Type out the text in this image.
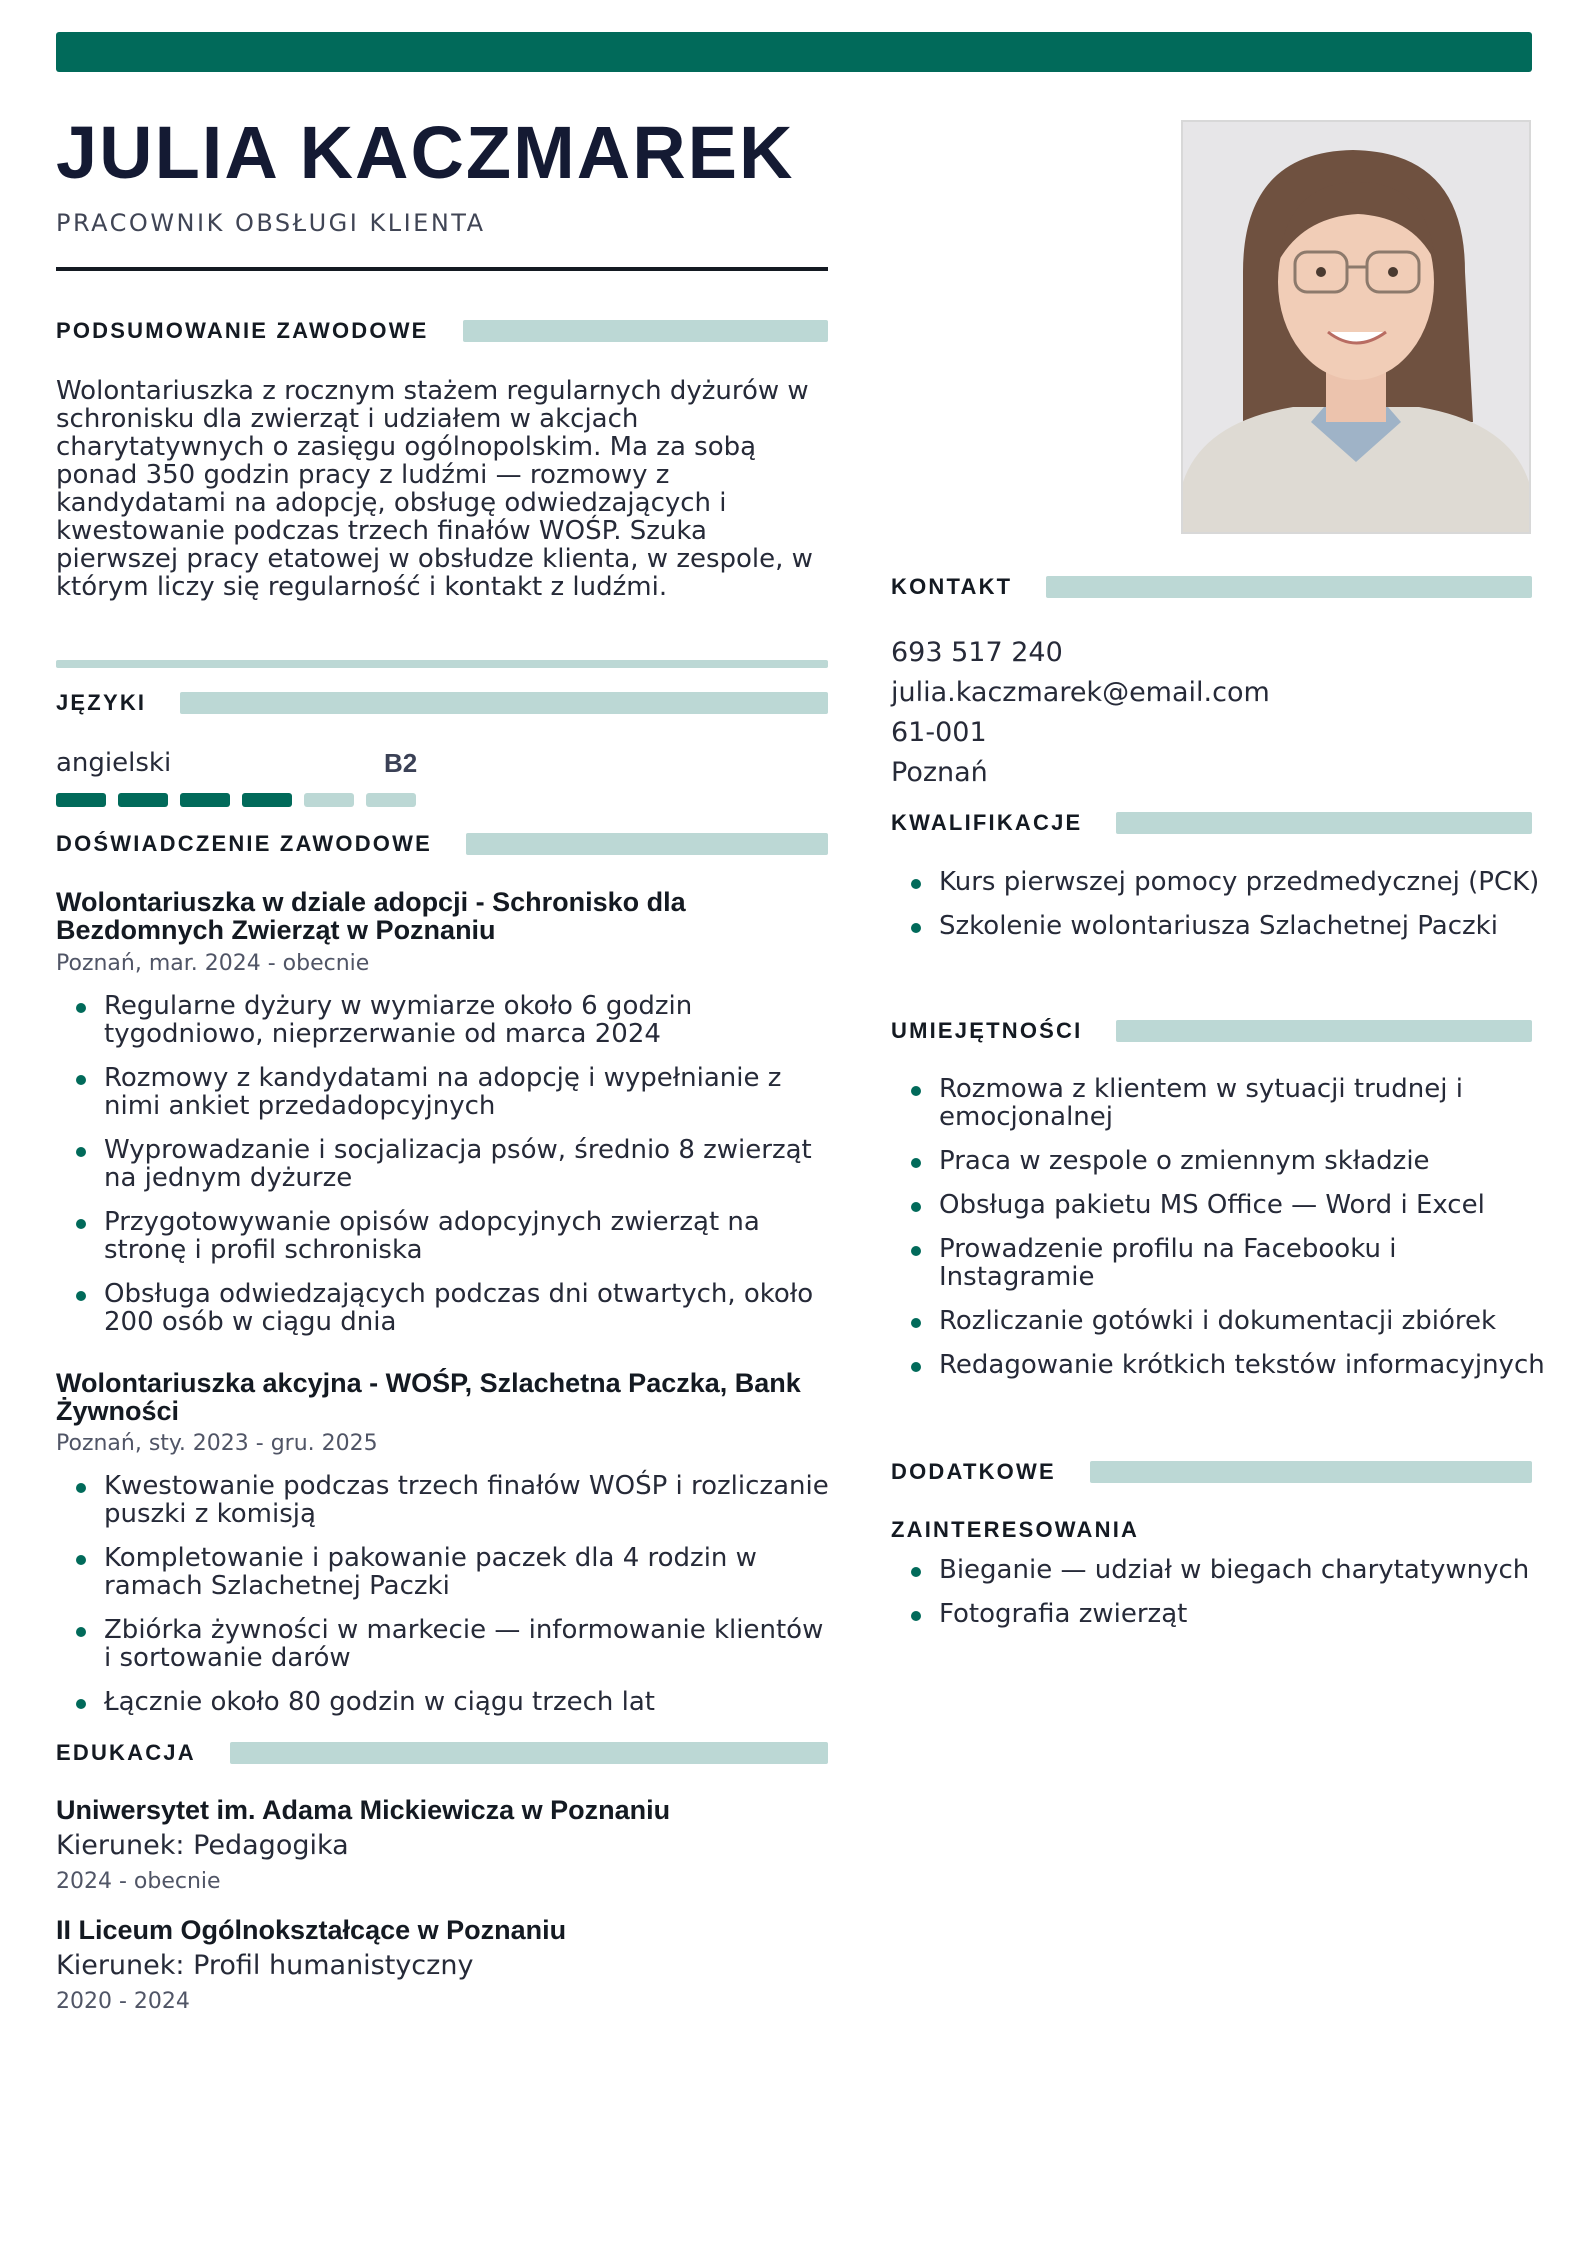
JULIA KACZMAREK
PRACOWNIK OBSŁUGI KLIENTA
PODSUMOWANIE ZAWODOWE

Wolontariuszka z rocznym stażem regularnych dyżurów w schronisku dla zwierząt i udziałem w akcjach charytatywnych o zasięgu ogólnopolskim. Ma za sobą ponad 350 godzin pracy z ludźmi — rozmowy z kandydatami na adopcję, obsługę odwiedzających i kwestowanie podczas trzech finałów WOŚP. Szuka pierwszej pracy etatowej w obsłudze klienta, w zespole, w którym liczy się regularność i kontakt z ludźmi.

JĘZYKI
angielski	B2
DOŚWIADCZENIE ZAWODOWE

Wolontariuszka w dziale adopcji - Schronisko dla Bezdomnych Zwierząt w Poznaniu

Poznań, mar. 2024 - obecnie
Regularne dyżury w wymiarze około 6 godzin tygodniowo, nieprzerwanie od marca 2024
Rozmowy z kandydatami na adopcję i wypełnianie z nimi ankiet przedadopcyjnych
Wyprowadzanie i socjalizacja psów, średnio 8 zwierząt na jednym dyżurze
Przygotowywanie opisów adopcyjnych zwierząt na stronę i profil schroniska
Obsługa odwiedzających podczas dni otwartych, około 200 osób w ciągu dnia

Wolontariuszka akcyjna - WOŚP, Szlachetna Paczka, Bank Żywności

Poznań, sty. 2023 - gru. 2025
Kwestowanie podczas trzech finałów WOŚP i rozliczanie puszki z komisją
Kompletowanie i pakowanie paczek dla 4 rodzin w ramach Szlachetnej Paczki
Zbiórka żywności w markecie — informowanie klientów i sortowanie darów
Łącznie około 80 godzin w ciągu trzech lat
EDUKACJA
Uniwersytet im. Adama Mickiewicza w Poznaniu
Kierunek: Pedagogika
2024 - obecnie
II Liceum Ogólnokształcące w Poznaniu
Kierunek: Profil humanistyczny
2020 - 2024
KONTAKT
693 517 240
julia.kaczmarek@email.com
61-001
Poznań
KWALIFIKACJE
Kurs pierwszej pomocy przedmedycznej (PCK)
Szkolenie wolontariusza Szlachetnej Paczki
UMIEJĘTNOŚCI
Rozmowa z klientem w sytuacji trudnej i emocjonalnej
Praca w zespole o zmiennym składzie
Obsługa pakietu MS Office — Word i Excel
Prowadzenie profilu na Facebooku i Instagramie
Rozliczanie gotówki i dokumentacji zbiórek
Redagowanie krótkich tekstów informacyjnych
DODATKOWE
ZAINTERESOWANIA
Bieganie — udział w biegach charytatywnych
Fotografia zwierząt
